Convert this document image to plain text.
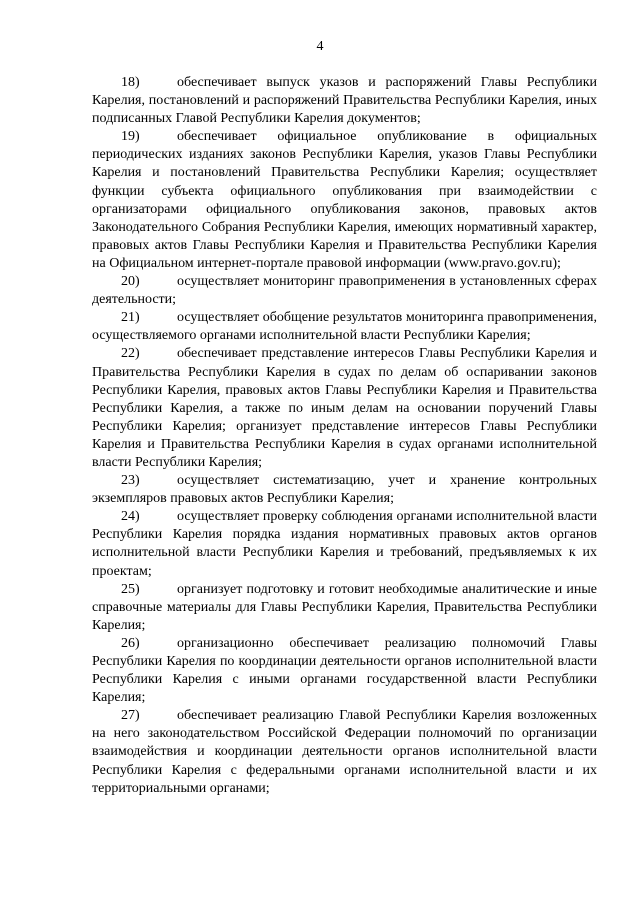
4

18)	обеспечивает выпуск указов и распоряжений Главы Республики Карелия, постановлений и распоряжений Правительства Республики Карелия, иных подписанных Главой Республики Карелия документов;

19)	обеспечивает официальное опубликование в официальных периодических изданиях законов Республики Карелия, указов Главы Республики Карелия и постановлений Правительства Республики Карелия; осуществляет функции субъекта официального опубликования при взаимодействии с организаторами официального опубликования законов, правовых актов Законодательного Собрания Республики Карелия, имеющих нормативный характер, правовых актов Главы Республики Карелия и Правительства Республики Карелия на Официальном интернет-портале правовой информации (www.pravo.gov.ru);

20)	осуществляет мониторинг правоприменения в установленных сферах деятельности;

21)	осуществляет обобщение результатов мониторинга правоприменения, осуществляемого органами исполнительной власти Республики Карелия;

22)	обеспечивает представление интересов Главы Республики Карелия и Правительства Республики Карелия в судах по делам об оспаривании законов Республики Карелия, правовых актов Главы Республики Карелия и Правительства Республики Карелия, а также по иным делам на основании поручений Главы Республики Карелия; организует представление интересов Главы Республики Карелия и Правительства Республики Карелия в судах органами исполнительной власти Республики Карелия;

23)	осуществляет систематизацию, учет и хранение контрольных экземпляров правовых актов Республики Карелия;

24)	осуществляет проверку соблюдения органами исполнительной власти Республики Карелия порядка издания нормативных правовых актов органов исполнительной власти Республики Карелия и требований, предъявляемых к их проектам;

25)	организует подготовку и готовит необходимые аналитические и иные справочные материалы для Главы Республики Карелия, Правительства Республики Карелия;

26)	организационно обеспечивает реализацию полномочий Главы Республики Карелия по координации деятельности органов исполнительной власти Республики Карелия с иными органами государственной власти Республики Карелия;

27)	обеспечивает реализацию Главой Республики Карелия возложенных на него законодательством Российской Федерации полномочий по организации взаимодействия и координации деятельности органов исполнительной власти Республики Карелия с федеральными органами исполнительной власти и их территориальными органами;
